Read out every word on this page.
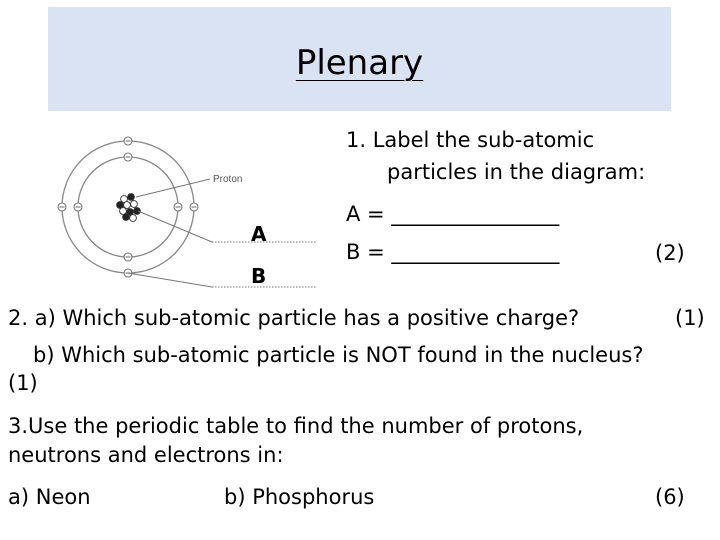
Plenary
Proton
A
B
1. Label the sub-atomic
particles in the diagram:
A = ________________
B = ________________	(2)
2. a) Which sub-atomic particle has a positive charge?	(1)
b) Which sub-atomic particle is NOT found in the nucleus?
(1)
3.Use the periodic table to find the number of protons,
neutrons and electrons in:
a) Neon	b) Phosphorus	(6)
